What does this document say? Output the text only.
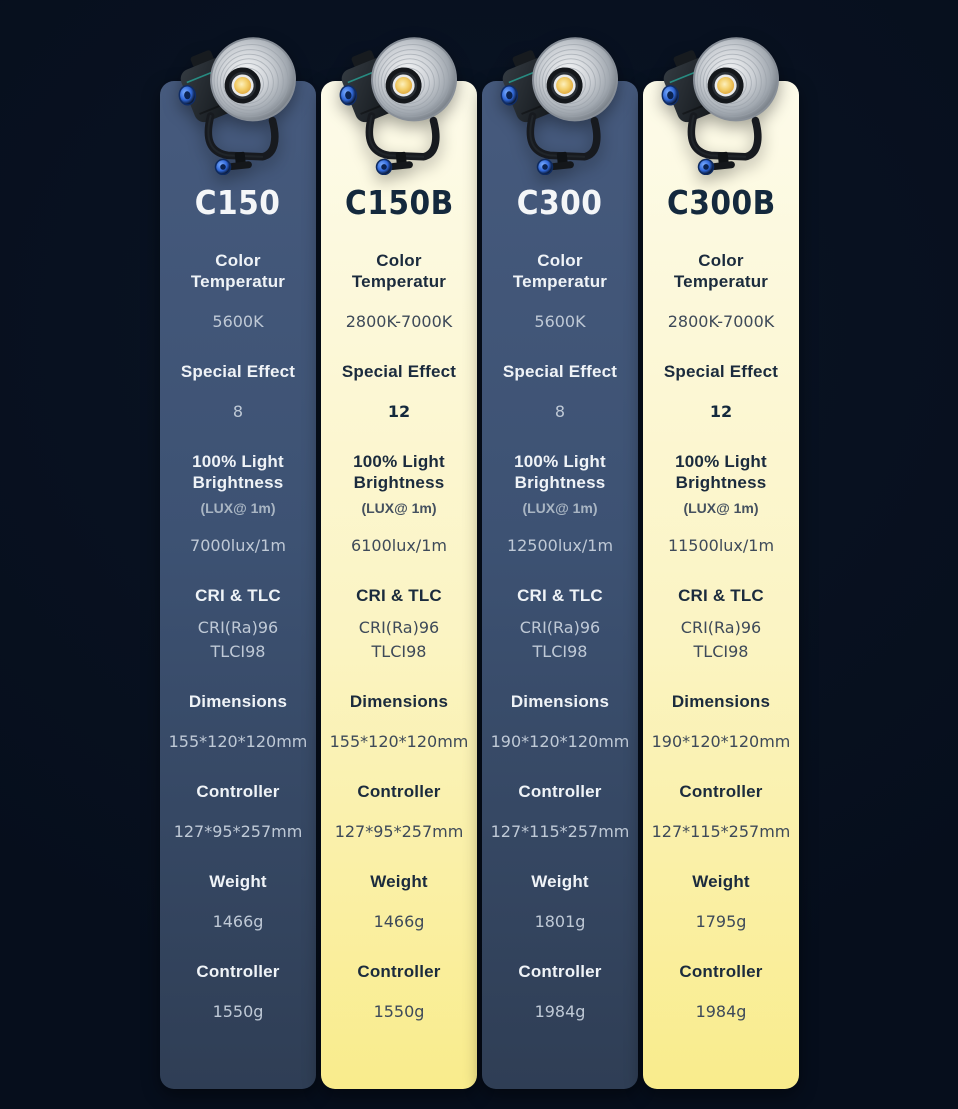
C150
Color Temperatur
5600K
Special Effect
8
100% Light Brightness
(LUX@ 1m)
7000lux/1m
CRI & TLC
CRI(Ra)96
TLCI98
Dimensions
155*120*120mm
Controller
127*95*257mm
Weight
1466g
Controller
1550g
C150B
Color Temperatur
2800K-7000K
Special Effect
12
100% Light Brightness
(LUX@ 1m)
6100lux/1m
CRI & TLC
CRI(Ra)96
TLCI98
Dimensions
155*120*120mm
Controller
127*95*257mm
Weight
1466g
Controller
1550g
C300
Color Temperatur
5600K
Special Effect
8
100% Light Brightness
(LUX@ 1m)
12500lux/1m
CRI & TLC
CRI(Ra)96
TLCI98
Dimensions
190*120*120mm
Controller
127*115*257mm
Weight
1801g
Controller
1984g
C300B
Color Temperatur
2800K-7000K
Special Effect
12
100% Light Brightness
(LUX@ 1m)
11500lux/1m
CRI & TLC
CRI(Ra)96
TLCI98
Dimensions
190*120*120mm
Controller
127*115*257mm
Weight
1795g
Controller
1984g
